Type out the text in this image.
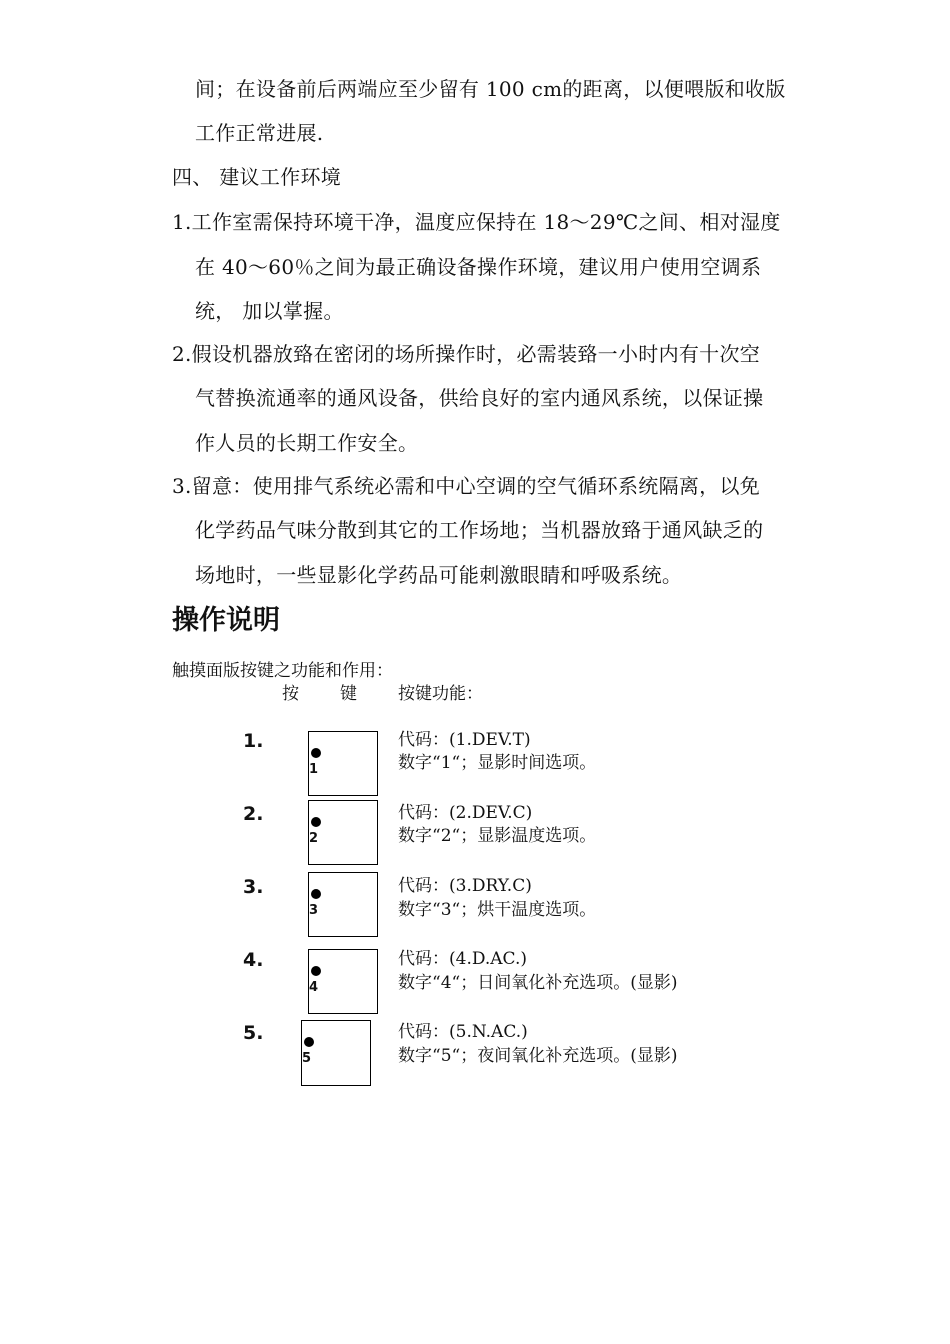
间；在设备前后两端应至少留有 100 cm的距离，以便喂版和收版
工作正常进展.
四、 建议工作环境
1.工作室需保持环境干净，温度应保持在 18～29℃之间、相对湿度
在 40～60％之间为最正确设备操作环境，建议用户使用空调系
统， 加以掌握。
2.假设机器放臵在密闭的场所操作时，必需装臵一小时内有十次空
气替换流通率的通风设备，供给良好的室内通风系统，以保证操
作人员的长期工作安全。
3.留意：使用排气系统必需和中心空调的空气循环系统隔离，以免
化学药品气味分散到其它的工作场地；当机器放臵于通风缺乏的
场地时，一些显影化学药品可能刺激眼睛和呼吸系统。
操作说明
触摸面版按键之功能和作用：
按 键 按键功能：
1.
1
代码：(1.DEV.T)
数字“1“；显影时间选项。
2.
2
代码：(2.DEV.C)
数字“2“；显影温度选项。
3.
3
代码：(3.DRY.C)
数字“3“；烘干温度选项。
4.
4
代码：(4.D.AC.)
数字“4“；日间氧化补充选项。(显影)
5.
5
代码：(5.N.AC.)
数字“5“；夜间氧化补充选项。(显影)
